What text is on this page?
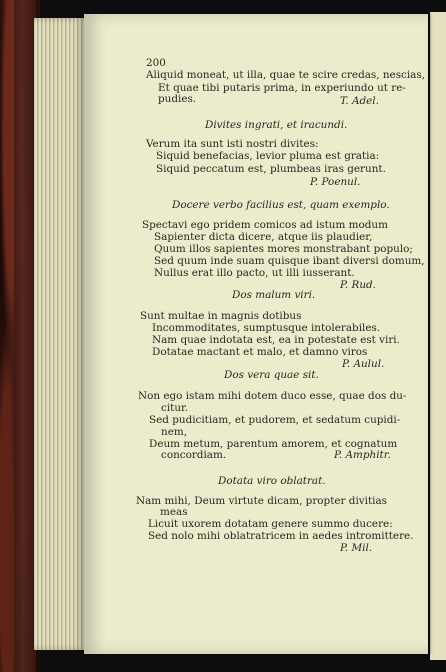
200
Aliquid moneat, ut illa, quae te scire credas, nescias,
Et quae tibi putaris prima, in experiundo ut re-
pudies.	T. Adel.
Divites ingrati, et iracundi.
Verum ita sunt isti nostri divites:
Siquid benefacias, levior pluma est gratia:
Siquid peccatum est, plumbeas iras gerunt.
P. Poenul.
Docere verbo facilius est, quam exemplo.
Spectavi ego pridem comicos ad istum modum
Sapienter dicta dicere, atque iis plaudier,
Quum illos sapientes mores monstrabant populo;
Sed quum inde suam quisque ibant diversi domum,
Nullus erat illo pacto, ut illi iusserant.
P. Rud.
Dos malum viri.
Sunt multae in magnis dotibus
Incommoditates, sumptusque intolerabiles.
Nam quae indotata est, ea in potestate est viri.
Dotatae mactant et malo, et damno viros
P. Aulul.
Dos vera quae sit.
Non ego istam mihi dotem duco esse, quae dos du-
citur.
Sed pudicitiam, et pudorem, et sedatum cupidi-
nem,
Deum metum, parentum amorem, et cognatum
concordiam.	P. Amphitr.
Dotata viro oblatrat.
Nam mihi, Deum virtute dicam, propter divitias
meas
Licuit uxorem dotatam genere summo ducere:
Sed nolo mihi oblatratricem in aedes intromittere.
P. Mil.
